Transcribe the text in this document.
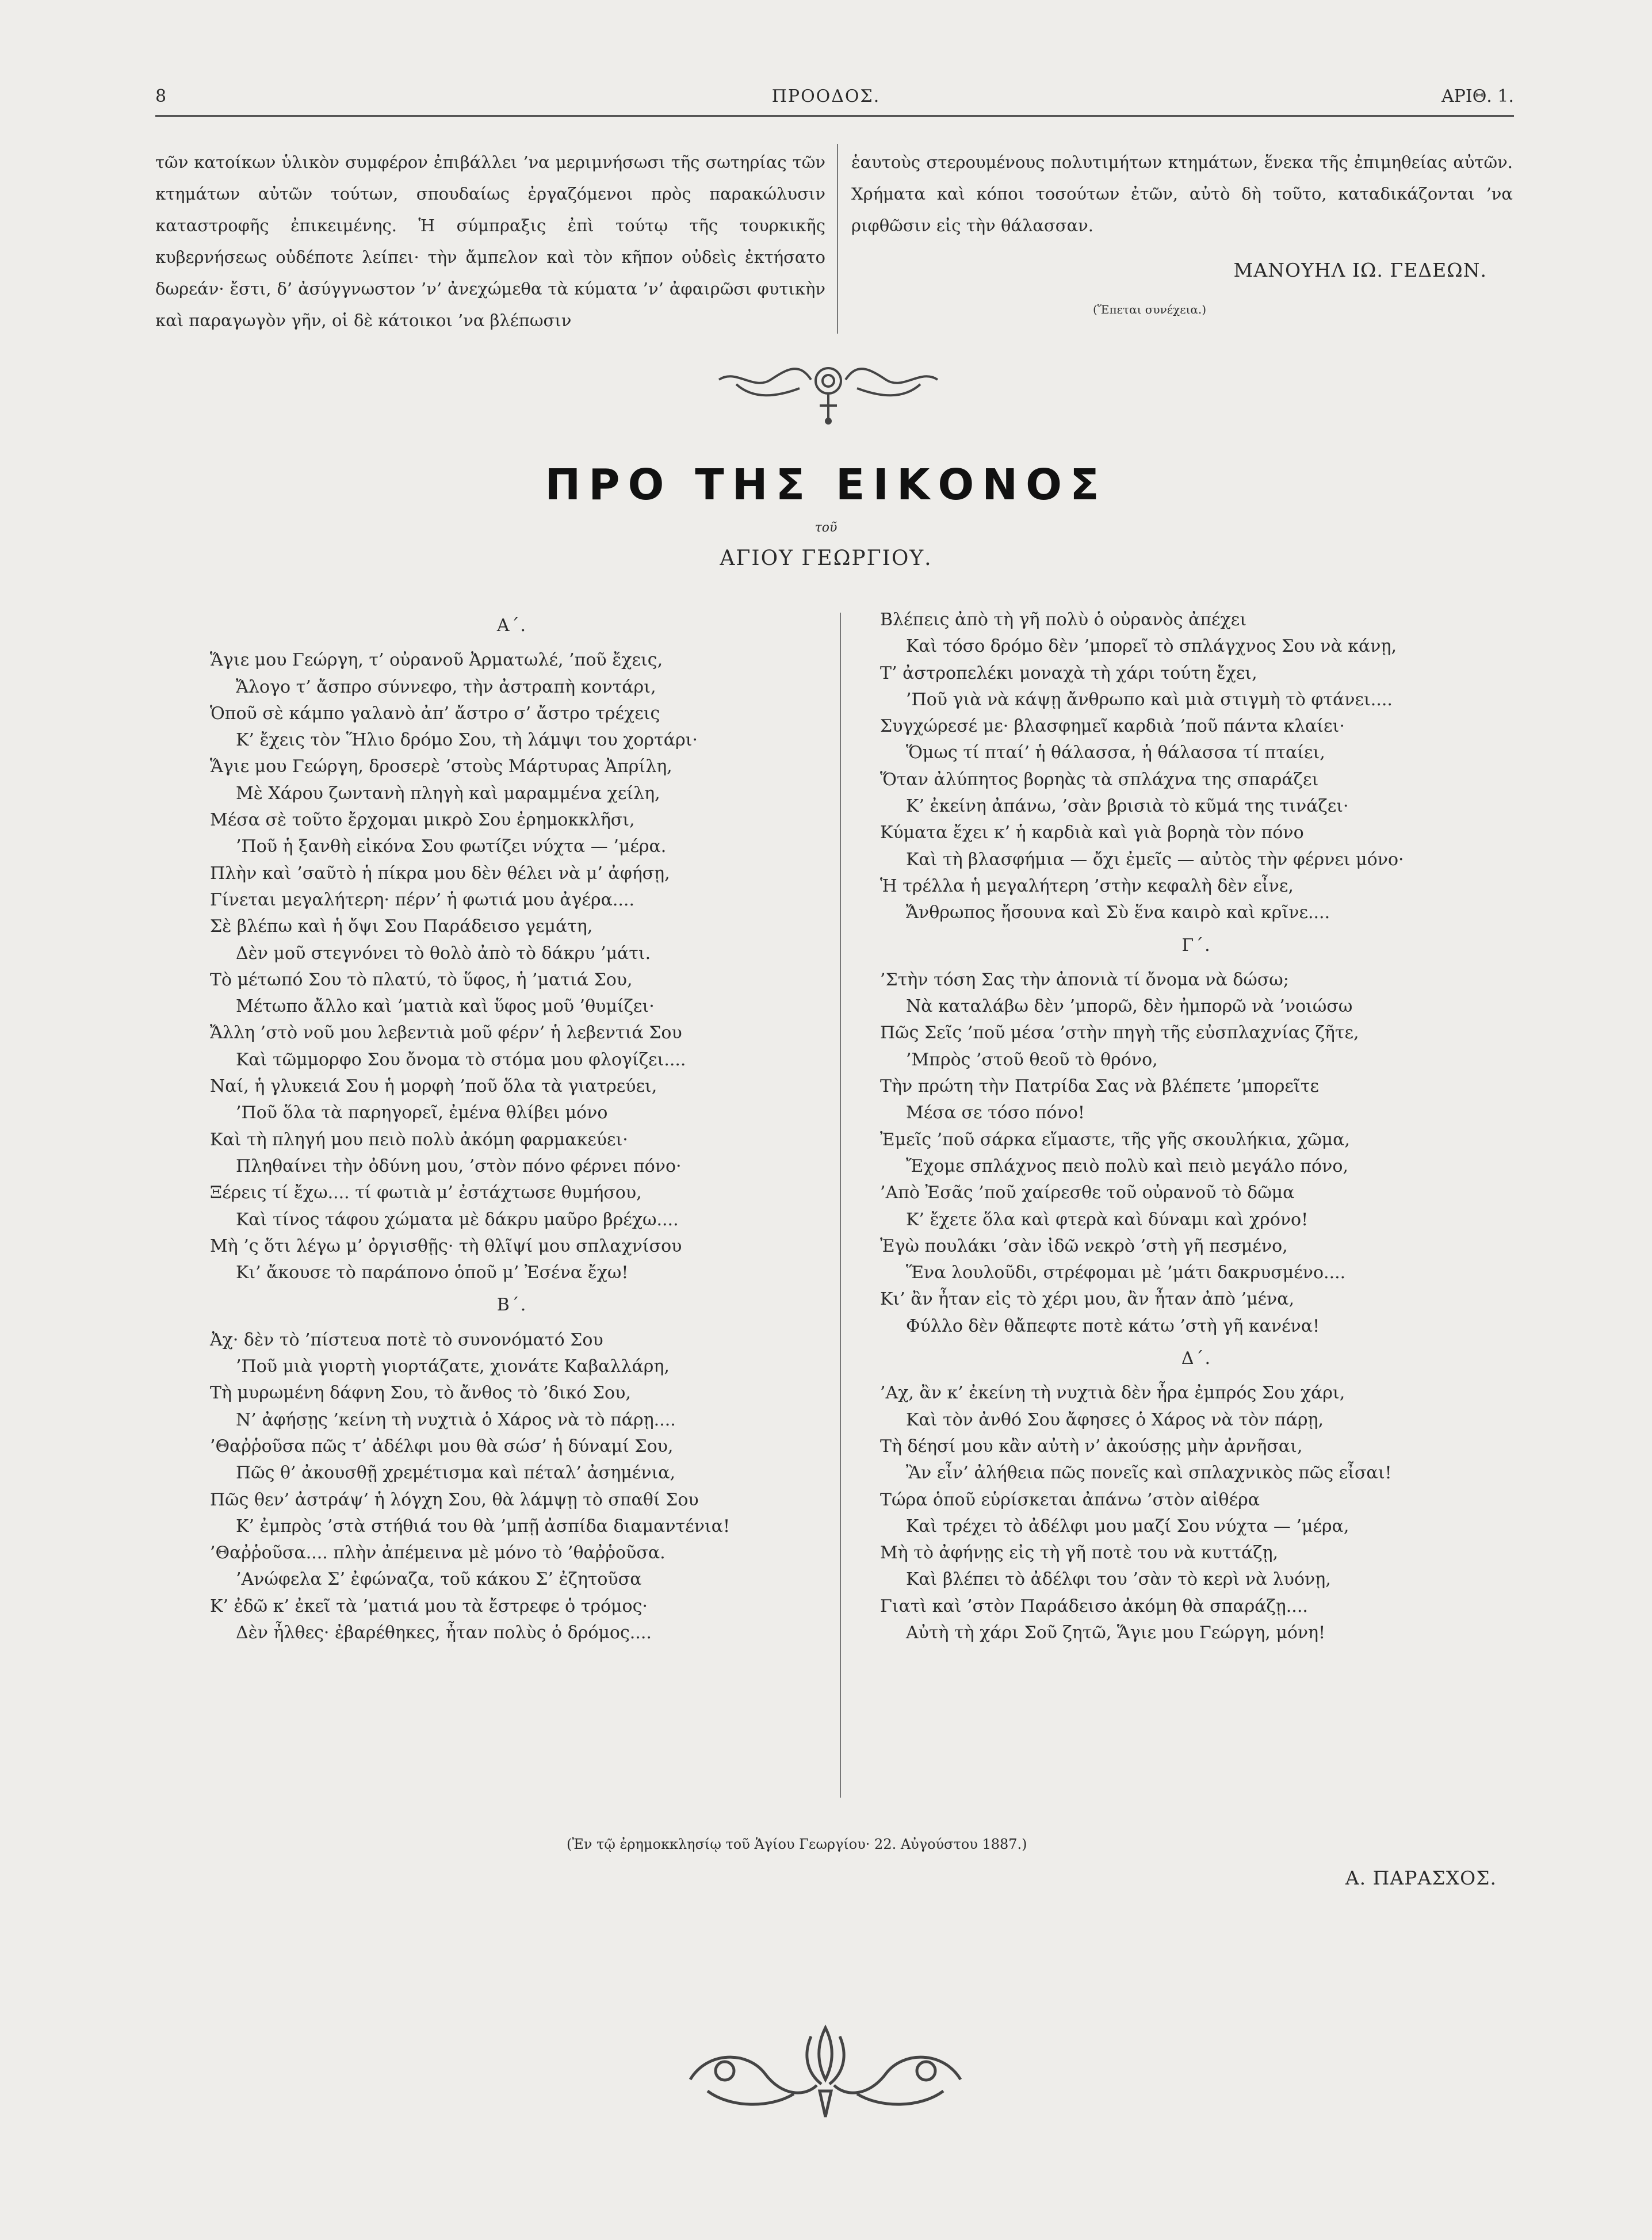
8	ΠΡΟΟΔΟΣ.	ΑΡΙΘ. 1.
τῶν κατοίκων ὑλικὸν συμφέρον ἐπιβάλλει ’να μεριμνήσωσι τῆς σωτηρίας τῶν κτημάτων αὐτῶν τούτων, σπουδαίως ἐργαζόμενοι πρὸς παρακώλυσιν καταστροφῆς ἐπικειμένης. Ἡ σύμπραξις ἐπὶ τούτῳ τῆς τουρκικῆς κυβερνήσεως οὐδέποτε λείπει· τὴν ἄμπελον καὶ τὸν κῆπον οὐδεὶς ἐκτήσατο δωρεάν· ἔστι, δ’ ἀσύγγνωστον ’ν’ ἀνεχώμεθα τὰ κύματα ’ν’ ἀφαιρῶσι φυτικὴν καὶ παραγωγὸν γῆν, οἱ δὲ κάτοικοι ’να βλέπωσιν
ἑαυτοὺς στερουμένους πολυτιμήτων κτημάτων, ἕνεκα τῆς ἐπιμηθείας αὐτῶν. Χρήματα καὶ κόποι τοσούτων ἐτῶν, αὐτὸ δὴ τοῦτο, καταδικάζονται ’να ριφθῶσιν εἰς τὴν θάλασσαν.
ΜΑΝΟΥΗΛ ΙΩ. ΓΕΔΕΩΝ.
(Ἕπεται συνέχεια.)
ΠΡΟ ΤΗΣ ΕΙΚΟΝΟΣ
τοῦ
ΑΓΙΟΥ ΓΕΩΡΓΙΟΥ.
Α΄.
Ἅγιε μου Γεώργη, τ’ οὐρανοῦ Ἀρματωλέ, ’ποῦ ἔχεις,
Ἄλογο τ’ ἄσπρο σύννεφο, τὴν ἀστραπὴ κοντάρι,
Ὁποῦ σὲ κάμπο γαλανὸ ἀπ’ ἄστρο σ’ ἄστρο τρέχεις
Κ’ ἔχεις τὸν Ἥλιο δρόμο Σου, τὴ λάμψι του χορτάρι·
Ἅγιε μου Γεώργη, δροσερὲ ’στοὺς Μάρτυρας Ἀπρίλη,
Μὲ Χάρου ζωντανὴ πληγὴ καὶ μαραμμένα χείλη,
Μέσα σὲ τοῦτο ἔρχομαι μικρὸ Σου ἐρημοκκλῆσι,
’Ποῦ ἡ ξανθὴ εἰκόνα Σου φωτίζει νύχτα — ’μέρα.
Πλὴν καὶ ’σαῦτὸ ἡ πίκρα μου δὲν θέλει νὰ μ’ ἀφήσῃ,
Γίνεται μεγαλήτερη· πέρν’ ἡ φωτιά μου ἀγέρα....
Σὲ βλέπω καὶ ἡ ὄψι Σου Παράδεισο γεμάτη,
Δὲν μοῦ στεγνόνει τὸ θολὸ ἀπὸ τὸ δάκρυ ’μάτι.
Τὸ μέτωπό Σου τὸ πλατύ, τὸ ὕφος, ἡ ’ματιά Σου,
Μέτωπο ἄλλο καὶ ’ματιὰ καὶ ὕφος μοῦ ’θυμίζει·
Ἄλλη ’στὸ νοῦ μου λεβεντιὰ μοῦ φέρν’ ἡ λεβεντιά Σου
Καὶ τῶμμορφο Σου ὄνομα τὸ στόμα μου φλογίζει....
Ναί, ἡ γλυκειά Σου ἡ μορφὴ ’ποῦ ὅλα τὰ γιατρεύει,
’Ποῦ ὅλα τὰ παρηγορεῖ, ἐμένα θλίβει μόνο
Καὶ τὴ πληγή μου πειὸ πολὺ ἀκόμη φαρμακεύει·
Πληθαίνει τὴν ὀδύνη μου, ’στὸν πόνο φέρνει πόνο·
Ξέρεις τί ἔχω.... τί φωτιὰ μ’ ἐστάχτωσε θυμήσου,
Καὶ τίνος τάφου χώματα μὲ δάκρυ μαῦρο βρέχω....
Μὴ ’ς ὅτι λέγω μ’ ὀργισθῇς· τὴ θλῖψί μου σπλαχνίσου
Κι’ ἄκουσε τὸ παράπονο ὁποῦ μ’ Ἐσένα ἔχω!
Β΄.
Ἀχ· δὲν τὸ ’πίστευα ποτὲ τὸ συνονόματό Σου
’Ποῦ μιὰ γιορτὴ γιορτάζατε, χιονάτε Καβαλλάρη,
Τὴ μυρωμένη δάφνη Σου, τὸ ἄνθος τὸ ’δικό Σου,
Ν’ ἀφήσῃς ’κείνη τὴ νυχτιὰ ὁ Χάρος νὰ τὸ πάρῃ....
’Θαῤῥοῦσα πῶς τ’ ἀδέλφι μου θὰ σώσ’ ἡ δύναμί Σου,
Πῶς θ’ ἀκουσθῇ χρεμέτισμα καὶ πέταλ’ ἀσημένια,
Πῶς θεν’ ἀστράψ’ ἡ λόγχη Σου, θὰ λάμψῃ τὸ σπαθί Σου
Κ’ ἐμπρὸς ’στὰ στήθιά του θὰ ’μπῇ ἀσπίδα διαμαντένια!
’Θαῤῥοῦσα.... πλὴν ἀπέμεινα μὲ μόνο τὸ ’θαῤῥοῦσα.
’Ανώφελα Σ’ ἐφώναζα, τοῦ κάκου Σ’ ἐζητοῦσα
Κ’ ἐδῶ κ’ ἐκεῖ τὰ ’ματιά μου τὰ ἔστρεφε ὁ τρόμος·
Δὲν ἦλθες· ἐβαρέθηκες, ἦταν πολὺς ὁ δρόμος....
Βλέπεις ἀπὸ τὴ γῆ πολὺ ὁ οὐρανὸς ἀπέχει
Καὶ τόσο δρόμο δὲν ’μπορεῖ τὸ σπλάγχνος Σου νὰ κάνῃ,
Τ’ ἀστροπελέκι μοναχὰ τὴ χάρι τούτη ἔχει,
’Ποῦ γιὰ νὰ κάψῃ ἄνθρωπο καὶ μιὰ στιγμὴ τὸ φτάνει....
Συγχώρεσέ με· βλασφημεῖ καρδιὰ ’ποῦ πάντα κλαίει·
Ὅμως τί πταί’ ἡ θάλασσα, ἡ θάλασσα τί πταίει,
Ὅταν ἀλύπητος βορηὰς τὰ σπλάχνα της σπαράζει
Κ’ ἐκείνη ἀπάνω, ’σὰν βρισιὰ τὸ κῦμά της τινάζει·
Κύματα ἔχει κ’ ἡ καρδιὰ καὶ γιὰ βορηὰ τὸν πόνο
Καὶ τὴ βλασφήμια — ὄχι ἐμεῖς — αὐτὸς τὴν φέρνει μόνο·
Ἡ τρέλλα ἡ μεγαλήτερη ’στὴν κεφαλὴ δὲν εἶνε,
Ἄνθρωπος ἤσουνα καὶ Σὺ ἕνα καιρὸ καὶ κρῖνε....
Γ΄.
’Στὴν τόση Σας τὴν ἀπονιὰ τί ὄνομα νὰ δώσω;
Νὰ καταλάβω δὲν ’μπορῶ, δὲν ἠμπορῶ νὰ ’νοιώσω
Πῶς Σεῖς ’ποῦ μέσα ’στὴν πηγὴ τῆς εὐσπλαχνίας ζῆτε,
’Μπρὸς ’στοῦ θεοῦ τὸ θρόνο,
Τὴν πρώτη τὴν Πατρίδα Σας νὰ βλέπετε ’μπορεῖτε
Μέσα σε τόσο πόνο!
Ἐμεῖς ’ποῦ σάρκα εἴμαστε, τῆς γῆς σκουλήκια, χῶμα,
Ἔχομε σπλάχνος πειὸ πολὺ καὶ πειὸ μεγάλο πόνο,
’Απὸ Ἐσᾶς ’ποῦ χαίρεσθε τοῦ οὐρανοῦ τὸ δῶμα
Κ’ ἔχετε ὅλα καὶ φτερὰ καὶ δύναμι καὶ χρόνο!
Ἐγὼ πουλάκι ’σὰν ἰδῶ νεκρὸ ’στὴ γῆ πεσμένο,
Ἕνα λουλοῦδι, στρέφομαι μὲ ’μάτι δακρυσμένο....
Κι’ ἂν ἦταν εἰς τὸ χέρι μου, ἂν ἦταν ἀπὸ ’μένα,
Φύλλο δὲν θἄπεφτε ποτὲ κάτω ’στὴ γῆ κανένα!
Δ΄.
’Αχ, ἂν κ’ ἐκείνη τὴ νυχτιὰ δὲν ἦρα ἐμπρός Σου χάρι,
Καὶ τὸν ἀνθό Σου ἄφησες ὁ Χάρος νὰ τὸν πάρῃ,
Τὴ δέησί μου κἂν αὐτὴ ν’ ἀκούσῃς μὴν ἀρνῆσαι,
Ἂν εἶν’ ἀλήθεια πῶς πονεῖς καὶ σπλαχνικὸς πῶς εἶσαι!
Τώρα ὁποῦ εὑρίσκεται ἀπάνω ’στὸν αἰθέρα
Καὶ τρέχει τὸ ἀδέλφι μου μαζί Σου νύχτα — ’μέρα,
Μὴ τὸ ἀφήνῃς εἰς τὴ γῆ ποτὲ του νὰ κυττάζῃ,
Καὶ βλέπει τὸ ἀδέλφι του ’σὰν τὸ κερὶ νὰ λυόνῃ,
Γιατὶ καὶ ’στὸν Παράδεισο ἀκόμη θὰ σπαράζῃ....
Αὐτὴ τὴ χάρι Σοῦ ζητῶ, Ἅγιε μου Γεώργη, μόνη!
(Ἐν τῷ ἐρημοκκλησίῳ τοῦ Ἁγίου Γεωργίου· 22. Αὐγούστου 1887.)
Α. ΠΑΡΑΣΧΟΣ.
